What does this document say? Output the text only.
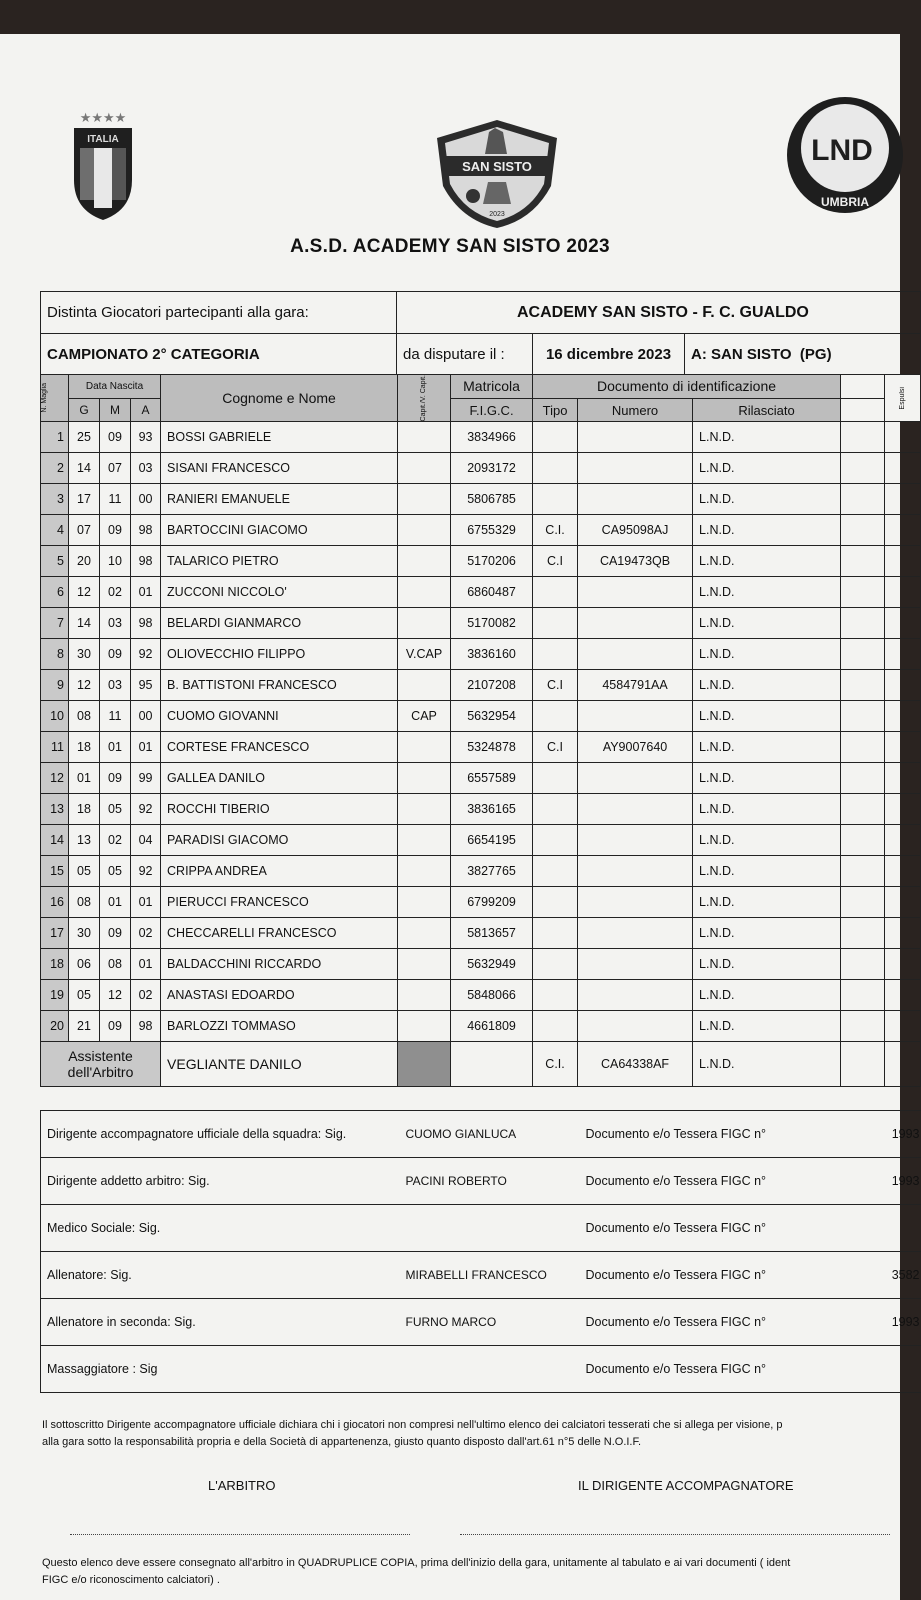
★★★★
ITALIA
SAN SISTO
2023
LND
UMBRIA
A.S.D. ACADEMY SAN SISTO 2023
Distinta Giocatori partecipanti alla gara:	ACADEMY SAN SISTO - F. C. GUALDO		
CAMPIONATO 2° CATEGORIA	da disputare il :	16 dicembre 2023	A: SAN SISTO  (PG)
N. Maglia	Data Nascita			Cognome e Nome	Capit./V. Capit.	Matricola	Documento di identificazione				Espulsi

	G	M	A			F.I.G.C.	Tipo	Numero	Rilasciato		
1	25	09	93	BOSSI GABRIELE		3834966			L.N.D.		
2	14	07	03	SISANI FRANCESCO		2093172			L.N.D.		
3	17	11	00	RANIERI EMANUELE		5806785			L.N.D.		
4	07	09	98	BARTOCCINI GIACOMO		6755329	C.I.	CA95098AJ	L.N.D.		
5	20	10	98	TALARICO PIETRO		5170206	C.I	CA19473QB	L.N.D.		
6	12	02	01	ZUCCONI NICCOLO'		6860487			L.N.D.		
7	14	03	98	BELARDI GIANMARCO		5170082			L.N.D.		
8	30	09	92	OLIOVECCHIO FILIPPO	V.CAP	3836160			L.N.D.		
9	12	03	95	B. BATTISTONI FRANCESCO		2107208	C.I	4584791AA	L.N.D.		
10	08	11	00	CUOMO GIOVANNI	CAP	5632954			L.N.D.		
11	18	01	01	CORTESE FRANCESCO		5324878	C.I	AY9007640	L.N.D.		
12	01	09	99	GALLEA DANILO		6557589			L.N.D.		
13	18	05	92	ROCCHI TIBERIO		3836165			L.N.D.		
14	13	02	04	PARADISI GIACOMO		6654195			L.N.D.		
15	05	05	92	CRIPPA ANDREA		3827765			L.N.D.		
16	08	01	01	PIERUCCI FRANCESCO		6799209			L.N.D.		
17	30	09	02	CHECCARELLI FRANCESCO		5813657			L.N.D.		
18	06	08	01	BALDACCHINI RICCARDO		5632949			L.N.D.		
19	05	12	02	ANASTASI EDOARDO		5848066			L.N.D.		
20	21	09	98	BARLOZZI TOMMASO		4661809			L.N.D.		
Assistente
dell'Arbitro				VEGLIANTE DANILO			C.I.	CA64338AF	L.N.D.		
Dirigente accompagnatore ufficiale della squadra: Sig.	CUOMO GIANLUCA	Documento e/o Tessera FIGC n°	1993
Dirigente addetto arbitro: Sig.	PACINI ROBERTO	Documento e/o Tessera FIGC n°	1993
Medico Sociale: Sig.		Documento e/o Tessera FIGC n°	
Allenatore: Sig.	MIRABELLI FRANCESCO	Documento e/o Tessera FIGC n°	3582
Allenatore in seconda: Sig.	FURNO MARCO	Documento e/o Tessera FIGC n°	1993
Massaggiatore : Sig		Documento e/o Tessera FIGC n°	
Il sottoscritto Dirigente accompagnatore ufficiale dichiara chi i giocatori non compresi nell'ultimo elenco dei calciatori tesserati che si allega per visione, p
alla gara sotto la responsabilità propria e della Società di appartenenza, giusto quanto disposto dall'art.61 n°5 delle N.O.I.F.
L'ARBITRO	IL DIRIGENTE ACCOMPAGNATORE
Questo elenco deve essere consegnato all'arbitro in QUADRUPLICE COPIA, prima dell'inizio della gara, unitamente al tabulato e ai vari documenti ( ident
FIGC e/o riconoscimento calciatori) .
